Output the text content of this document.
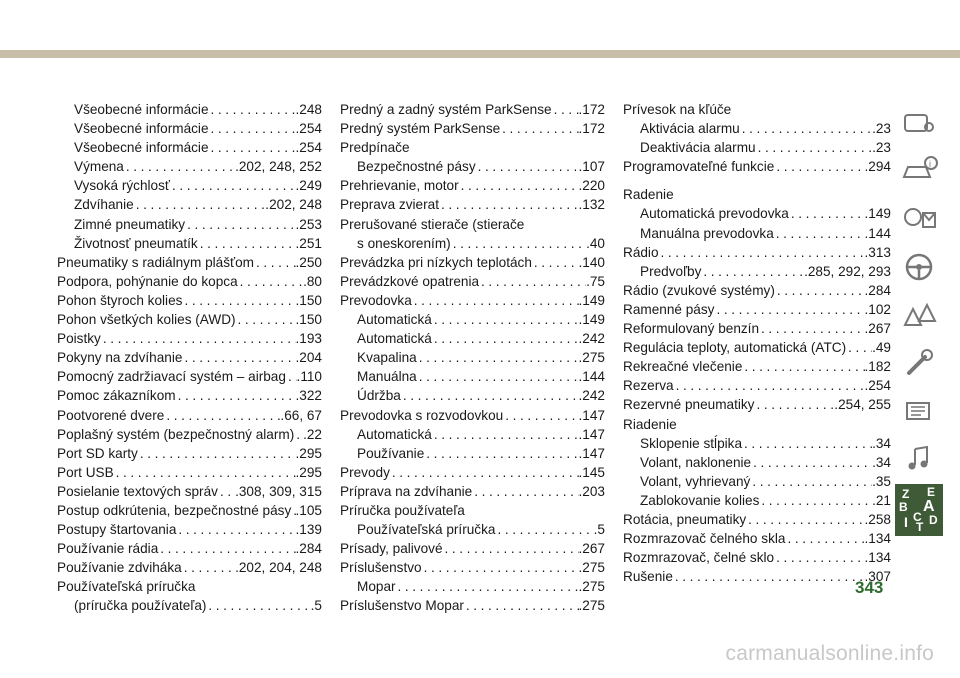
Všeobecné informácie .....	.248
Všeobecné informácie .....	.254
Všeobecné informácie .....	.254
Výmena .....	.202, 248, 252
Vysoká rýchlosť .....	.249
Zdvíhanie .....	.202, 248
Zimné pneumatiky .....	.253
Životnosť pneumatík .....	.251
Pneumatiky s radiálnym plášťom .....	.250
Podpora, pohýnanie do kopca .....	.80
Pohon štyroch kolies .....	.150
Pohon všetkých kolies (AWD) .....	.150
Poistky .....	.193
Pokyny na zdvíhanie .....	.204
Pomocný zadržiavací systém – airbag ..... .110
Pomoc zákazníkom .....	.322
Pootvorené dvere .....	.66, 67
Poplašný systém (bezpečnostný alarm) ..... .22
Port SD karty .....	.295
Port USB .....	.295
Posielanie textových správ ..... .308, 309, 315
Postup odkrútenia, bezpečnostné pásy ..... .105
Postupy štartovania .....	.139
Používanie rádia .....	.284
Používanie zdviháka .....	.202, 204, 248
Používateľská príručka
(príručka používateľa) .....	.5
Predný a zadný systém ParkSense ..... .172
Predný systém ParkSense .....	.172
Predpínače
Bezpečnostné pásy .....	.107
Prehrievanie, motor .....	.220
Preprava zvierat .....	.132
Prerušované stierače (stierače
s oneskorením) .....	.40
Prevádzka pri nízkych teplotách .....	.140
Prevádzkové opatrenia .....	.75
Prevodovka .....	.149
Automatická .....	.149
Automatická .....	.242
Kvapalina .....	.275
Manuálna .....	.144
Údržba .....	.242
Prevodovka s rozvodovkou .....	.147
Automatická .....	.147
Používanie .....	.147
Prevody .....	.145
Príprava na zdvíhanie .....	.203
Príručka používateľa
Používateľská príručka .....	.5
Prísady, palivové .....	.267
Príslušenstvo .....	.275
Mopar .....	.275
Príslušenstvo Mopar .....	.275
Prívesok na kľúče
Aktivácia alarmu .....	.23
Deaktivácia alarmu .....	.23
Programovateľné funkcie .....	.294
Radenie
Automatická prevodovka .....	.149
Manuálna prevodovka .....	.144
Rádio .....	.313
Predvoľby .....	.285, 292, 293
Rádio (zvukové systémy) .....	.284
Ramenné pásy .....	.102
Reformulovaný benzín .....	.267
Regulácia teploty, automatická (ATC) ..... .49
Rekreačné vlečenie .....	.182
Rezerva .....	.254
Rezervné pneumatiky .....	.254, 255
Riadenie
Sklopenie stĺpika .....	.34
Volant, naklonenie .....	.34
Volant, vyhrievaný .....	.35
Zablokovanie kolies .....	.21
Rotácia, pneumatiky .....	.258
Rozmrazovač čelného skla .....	.134
Rozmrazovač, čelné sklo .....	.134
Rušenie .....	.307
i
Z E
B A
I C D
T
343
carmanualsonline.info
